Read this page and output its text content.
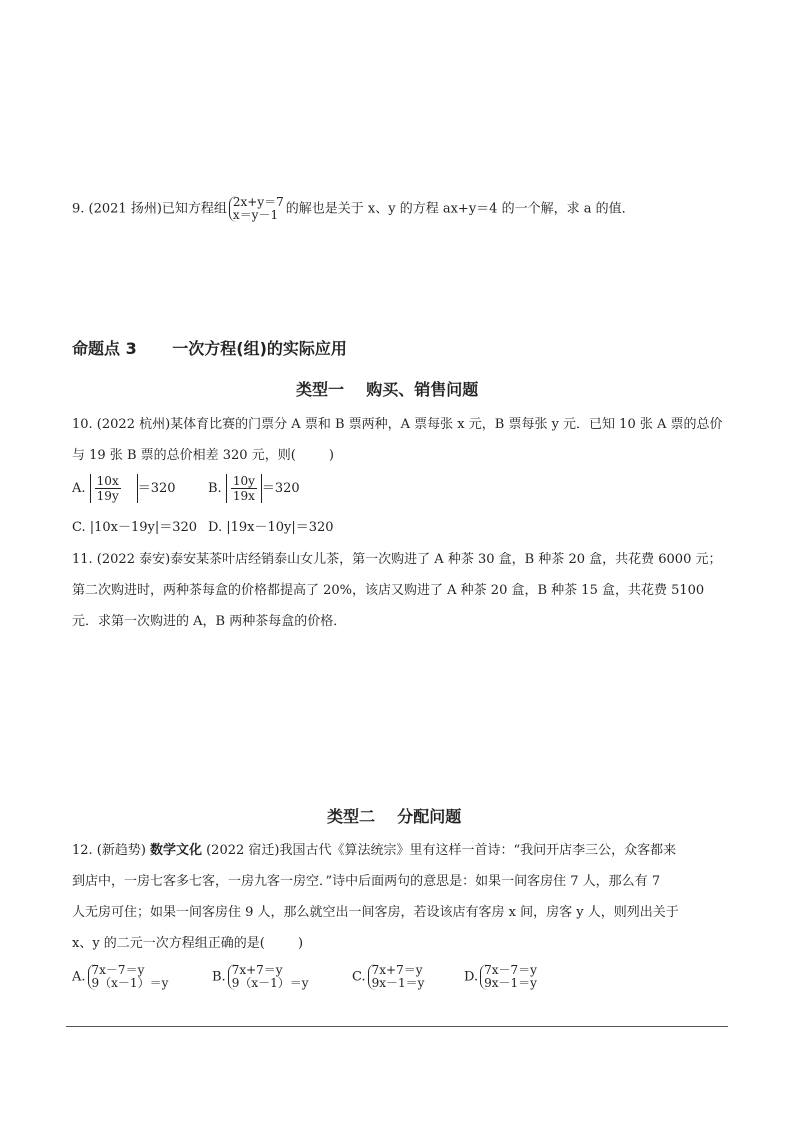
9. (2021 扬州)已知方程组 2x+y＝7
x＝y－1 的解也是关于 x、y 的方程 ax+y＝4 的一个解，求 a 的值．
命题点 3 一次方程(组)的实际应用
类型一    购买、销售问题
10. (2022 杭州)某体育比赛的门票分 A 票和 B 票两种，A 票每张 x 元，B 票每张 y 元．已知 10 张 A 票的总价
与 19 张 B 票的总价相差 320 元，则(        )
A. $\frac{10x}{19y} =320$ B. $\frac{10y}{19x} =320$
C. |10x－19y|＝320 D. |19x－10y|＝320
11. (2022 泰安)泰安某茶叶店经销泰山女儿茶，第一次购进了 A 种茶 30 盒，B 种茶 20 盒，共花费 6000 元；
第二次购进时，两种茶每盒的价格都提高了 20%，该店又购进了 A 种茶 20 盒，B 种茶 15 盒，共花费 5100
元．求第一次购进的 A，B 两种茶每盒的价格．
类型二    分配问题
12. (新趋势) 数学文化 (2022 宿迁)我国古代《算法统宗》里有这样一首诗：“我问开店李三公，众客都来
到店中，一房七客多七客，一房九客一房空．”诗中后面两句的意思是：如果一间客房住 7 人，那么有 7
人无房可住；如果一间客房住 9 人，那么就空出一间客房，若设该店有客房 x 间，房客 y 人，则列出关于
x、y 的二元一次方程组正确的是(        )
A. 7x－7＝y
9（x－1）＝y	B. 7x+7＝y
9（x－1）＝y	C. 7x+7＝y
9x－1＝y	D. 7x－7＝y
9x－1＝y
